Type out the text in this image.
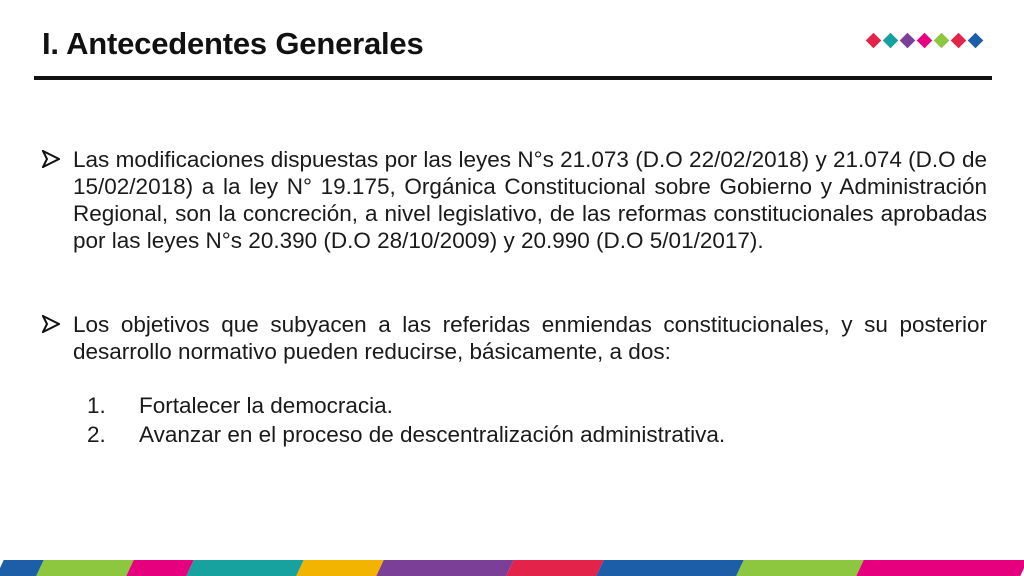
I. Antecedentes Generales
Las modificaciones dispuestas por las leyes N°s 21.073 (D.O 22/02/2018) y 21.074 (D.O de 15/02/2018) a la ley N° 19.175, Orgánica Constitucional sobre Gobierno y Administración Regional, son la concreción, a nivel legislativo, de las reformas constitucionales aprobadas por las leyes N°s 20.390 (D.O 28/10/2009) y 20.990 (D.O 5/01/2017).
Los objetivos que subyacen a las referidas enmiendas constitucionales, y su posterior desarrollo normativo pueden reducirse, básicamente, a dos:
1.	Fortalecer la democracia.
2.	Avanzar en el proceso de descentralización administrativa.
